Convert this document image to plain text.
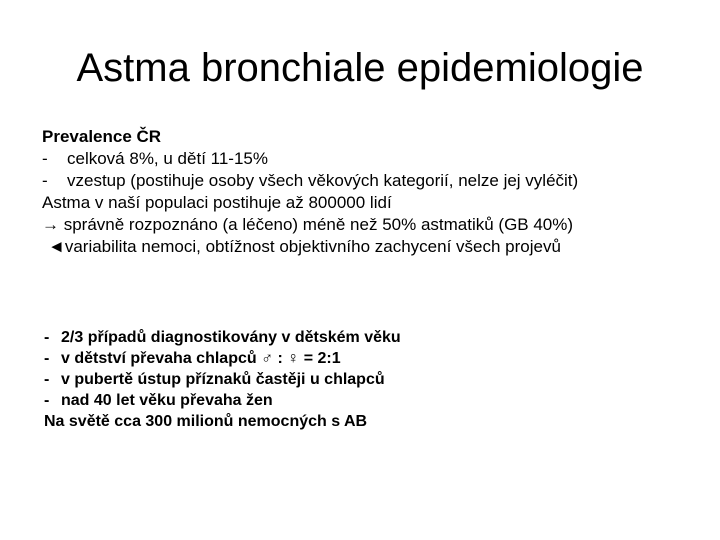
Astma bronchiale epidemiologie
Prevalence ČR
- celková 8%, u dětí 11-15%
- vzestup (postihuje osoby všech věkových kategorií, nelze jej vyléčit)
Astma v naší populaci postihuje až 800000 lidí
→ správně rozpoznáno (a léčeno) méně než 50% astmatiků (GB 40%)
◄variabilita nemoci, obtížnost objektivního zachycení všech projevů
- 2/3 případů diagnostikovány v dětském věku
- v dětství převaha chlapců ♂ : ♀ = 2:1
- v pubertě ústup příznaků častěji u chlapců
- nad 40 let věku převaha žen
Na světě cca 300 milionů nemocných s AB
